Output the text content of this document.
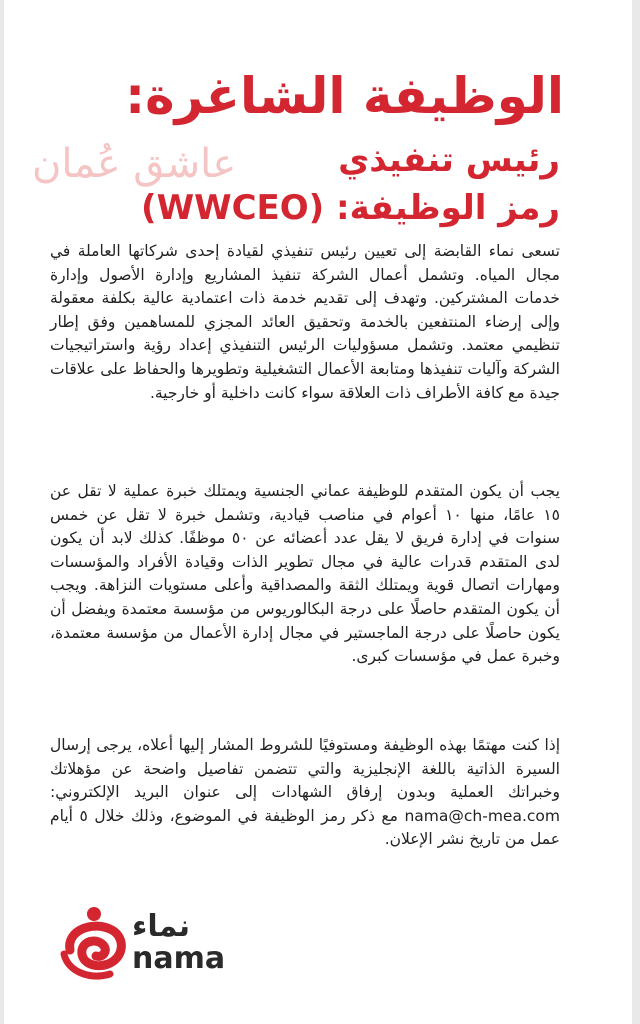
عاشق عُمان
الوظيفة الشاغرة:
رئيس تنفيذي
رمز الوظيفة: (WWCEO)

تسعى نماء القابضة إلى تعيين رئيس تنفيذي لقيادة إحدى شركاتها العاملة في مجال المياه. وتشمل أعمال الشركة تنفيذ المشاريع وإدارة الأصول وإدارة خدمات المشتركين. وتهدف إلى تقديم خدمة ذات اعتمادية عالية بكلفة معقولة وإلى إرضاء المنتفعين بالخدمة وتحقيق العائد المجزي للمساهمين وفق إطار تنظيمي معتمد. وتشمل مسؤوليات الرئيس التنفيذي إعداد رؤية واستراتيجيات الشركة وآليات تنفيذها ومتابعة الأعمال التشغيلية وتطويرها والحفاظ على علاقات جيدة مع كافة الأطراف ذات العلاقة سواء كانت داخلية أو خارجية.

يجب أن يكون المتقدم للوظيفة عماني الجنسية ويمتلك خبرة عملية لا تقل عن ١٥ عامًا، منها ١٠ أعوام في مناصب قيادية، وتشمل خبرة لا تقل عن خمس سنوات في إدارة فريق لا يقل عدد أعضائه عن ٥٠ موظفًا. كذلك لابد أن يكون لدى المتقدم قدرات عالية في مجال تطوير الذات وقيادة الأفراد والمؤسسات ومهارات اتصال قوية ويمتلك الثقة والمصداقية وأعلى مستويات النزاهة. ويجب أن يكون المتقدم حاصلًا على درجة البكالوريوس من مؤسسة معتمدة ويفضل أن يكون حاصلًا على درجة الماجستير في مجال إدارة الأعمال من مؤسسة معتمدة، وخبرة عمل في مؤسسات كبرى.

إذا كنت مهتمًا بهذه الوظيفة ومستوفيًا للشروط المشار إليها أعلاه، يرجى إرسال السيرة الذاتية باللغة الإنجليزية والتي تتضمن تفاصيل واضحة عن مؤهلاتك وخبراتك العملية وبدون إرفاق الشهادات إلى عنوان البريد الإلكتروني: nama@ch-mea.com مع ذكر رمز الوظيفة في الموضوع، وذلك خلال ٥ أيام عمل من تاريخ نشر الإعلان.

نماء
nama
